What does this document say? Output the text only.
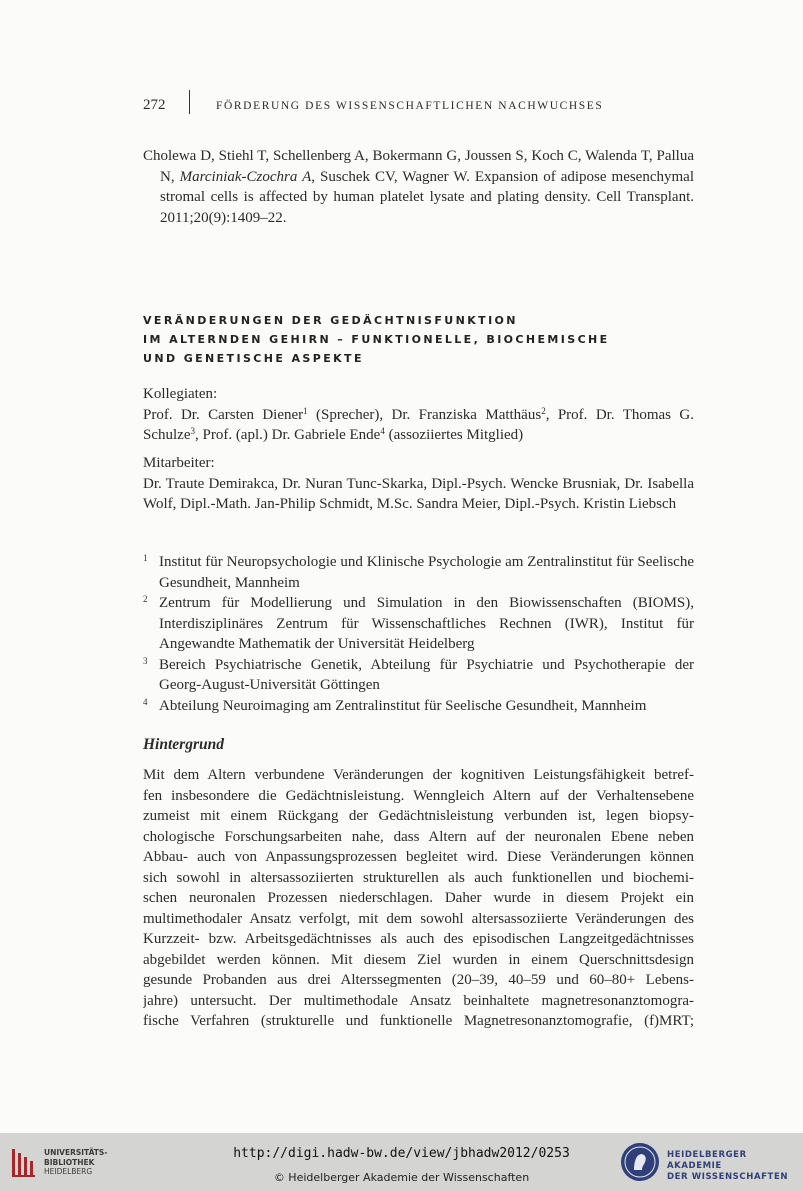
272	FÖRDERUNG DES WISSENSCHAFTLICHEN NACHWUCHSES

Cholewa D, Stiehl T, Schellenberg A, Bokermann G, Joussen S, Koch C, Walenda T, Pallua N, Marciniak-Czochra A, Suschek CV, Wagner W. Expansion of adipose mesenchymal stromal cells is affected by human platelet lysate and plating density. Cell Transplant. 2011;20(9):1409–22.

VERÄNDERUNGEN DER GEDÄCHTNISFUNKTION
IM ALTERNDEN GEHIRN – FUNKTIONELLE, BIOCHEMISCHE
UND GENETISCHE ASPEKTE

Kollegiaten:

Prof. Dr. Carsten Diener$^1$ (Sprecher), Dr. Franziska Matthäus$^2$, Prof. Dr. Thomas G. Schulze$^3$, Prof. (apl.) Dr. Gabriele Ende$^4$ (assoziiertes Mitglied)

Mitarbeiter:

Dr. Traute Demirakca, Dr. Nuran Tunc-Skarka, Dipl.-Psych. Wencke Brusniak, Dr. Isabella Wolf, Dipl.-Math. Jan-Philip Schmidt, M.Sc. Sandra Meier, Dipl.-Psych. Kristin Liebsch

1 Institut für Neuropsychologie und Klinische Psychologie am Zentralinstitut für Seelische Gesundheit, Mannheim
2 Zentrum für Modellierung und Simulation in den Biowissenschaften (BIOMS), Interdisziplinäres Zentrum für Wissenschaftliches Rechnen (IWR), Institut für Angewandte Mathematik der Universität Heidelberg
3 Bereich Psychiatrische Genetik, Abteilung für Psychiatrie und Psychotherapie der Georg-August-Universität Göttingen
4 Abteilung Neuroimaging am Zentralinstitut für Seelische Gesundheit, Mannheim
Hintergrund
Mit dem Altern verbundene Veränderungen der kognitiven Leistungsfähigkeit betref-
fen insbesondere die Gedächtnisleistung. Wenngleich Altern auf der Verhaltensebene
zumeist mit einem Rückgang der Gedächtnisleistung verbunden ist, legen biopsy-
chologische Forschungsarbeiten nahe, dass Altern auf der neuronalen Ebene neben
Abbau- auch von Anpassungsprozessen begleitet wird. Diese Veränderungen können
sich sowohl in altersassoziierten strukturellen als auch funktionellen und biochemi-
schen neuronalen Prozessen niederschlagen. Daher wurde in diesem Projekt ein
multimethodaler Ansatz verfolgt, mit dem sowohl altersassoziierte Veränderungen des
Kurzzeit- bzw. Arbeitsgedächtnisses als auch des episodischen Langzeitgedächtnisses
abgebildet werden können. Mit diesem Ziel wurden in einem Querschnittsdesign
gesunde Probanden aus drei Alterssegmenten (20–39, 40–59 und 60–80+ Lebens-
jahre) untersucht. Der multimethodale Ansatz beinhaltete magnetresonanztomogra-
fische Verfahren (strukturelle und funktionelle Magnetresonanztomografie, (f)MRT;
UNIVERSITÄTS-
BIBLIOTHEK
HEIDELBERG
http://digi.hadw-bw.de/view/jbhadw2012/0253
© Heidelberger Akademie der Wissenschaften
HEIDELBERGER AKADEMIE
DER WISSENSCHAFTEN
